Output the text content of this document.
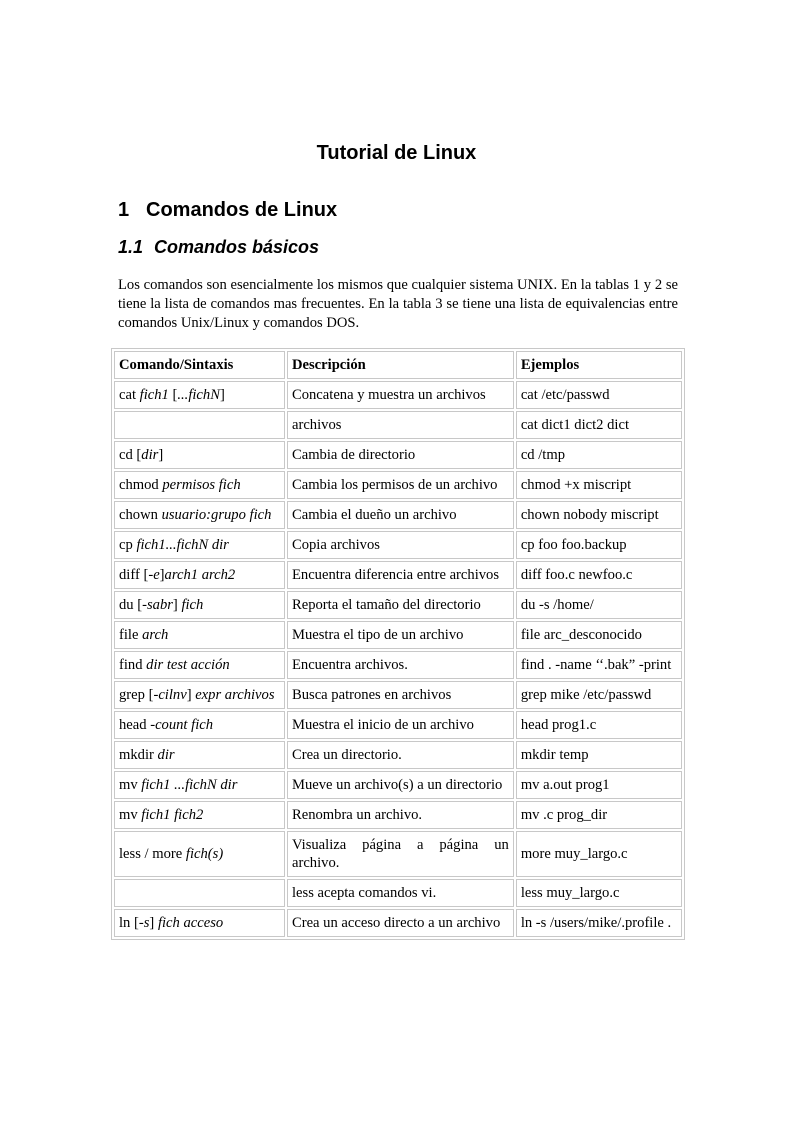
Tutorial de Linux
1 Comandos de Linux
1.1 Comandos básicos

Los comandos son esencialmente los mismos que cualquier sistema UNIX. En la tablas 1 y 2 se tiene la lista de comandos mas frecuentes. En la tabla 3 se tiene una lista de equivalencias entre comandos Unix/Linux y comandos DOS.

Comando/Sintaxis	Descripción	Ejemplos
cat fich1 [...fichN]	Concatena y muestra un archivos	cat /etc/passwd
	archivos	cat dict1 dict2 dict
cd [dir]	Cambia de directorio	cd /tmp
chmod permisos fich	Cambia los permisos de un archivo	chmod +x miscript
chown usuario:grupo fich	Cambia el dueño un archivo	chown nobody miscript
cp fich1...fichN dir	Copia archivos	cp foo foo.backup
diff [-e]arch1 arch2	Encuentra diferencia entre archivos	diff foo.c newfoo.c
du [-sabr] fich	Reporta el tamaño del directorio	du -s /home/
file arch	Muestra el tipo de un archivo	file arc_desconocido
find dir test acción	Encuentra archivos.	find . -name ‘‘.bak” -print
grep [-cilnv] expr archivos	Busca patrones en archivos	grep mike /etc/passwd
head -count fich	Muestra el inicio de un archivo	head prog1.c
mkdir dir	Crea un directorio.	mkdir temp
mv fich1 ...fichN dir	Mueve un archivo(s) a un directorio	mv a.out prog1
mv fich1 fich2	Renombra un archivo.	mv .c prog_dir
less / more fich(s)	Visualiza página a página un archivo.	more muy_largo.c
	less acepta comandos vi.	less muy_largo.c
ln [-s] fich acceso	Crea un acceso directo a un archivo	ln -s /users/mike/.profile .
